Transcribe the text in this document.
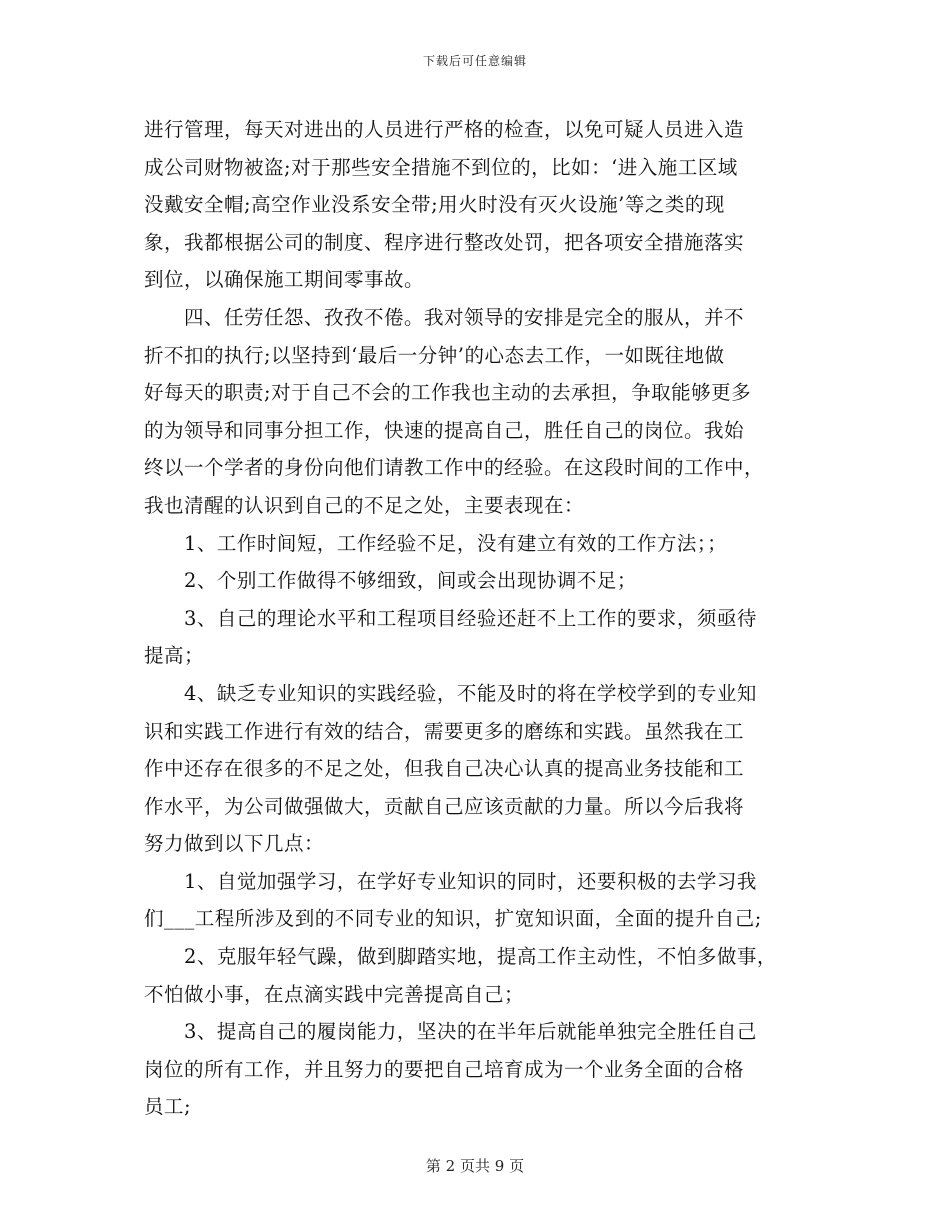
下载后可任意编辑
进行管理，每天对进出的人员进行严格的检查，以免可疑人员进入造
成公司财物被盗;对于那些安全措施不到位的，比如：‘进入施工区域
没戴安全帽;高空作业没系安全带;用火时没有灭火设施’等之类的现
象，我都根据公司的制度、程序进行整改处罚，把各项安全措施落实
到位，以确保施工期间零事故。
　　四、任劳任怨、孜孜不倦。我对领导的安排是完全的服从，并不
折不扣的执行;以坚持到‘最后一分钟’的心态去工作，一如既往地做
好每天的职责;对于自己不会的工作我也主动的去承担，争取能够更多
的为领导和同事分担工作，快速的提高自己，胜任自己的岗位。我始
终以一个学者的身份向他们请教工作中的经验。在这段时间的工作中，
我也清醒的认识到自己的不足之处，主要表现在：
　　1、工作时间短，工作经验不足，没有建立有效的工作方法；；
　　2、个别工作做得不够细致，间或会出现协调不足；
　　3、自己的理论水平和工程项目经验还赶不上工作的要求，须亟待
提高；
　　4、缺乏专业知识的实践经验，不能及时的将在学校学到的专业知
识和实践工作进行有效的结合，需要更多的磨练和实践。虽然我在工
作中还存在很多的不足之处，但我自己决心认真的提高业务技能和工
作水平，为公司做强做大，贡献自己应该贡献的力量。所以今后我将
努力做到以下几点：
　　1、自觉加强学习，在学好专业知识的同时，还要积极的去学习我
们___工程所涉及到的不同专业的知识，扩宽知识面，全面的提升自己;
　　2、克服年轻气躁，做到脚踏实地，提高工作主动性，不怕多做事，
不怕做小事，在点滴实践中完善提高自己；
　　3、提高自己的履岗能力，坚决的在半年后就能单独完全胜任自己
岗位的所有工作，并且努力的要把自己培育成为一个业务全面的合格
员工;
第 2 页共 9 页
